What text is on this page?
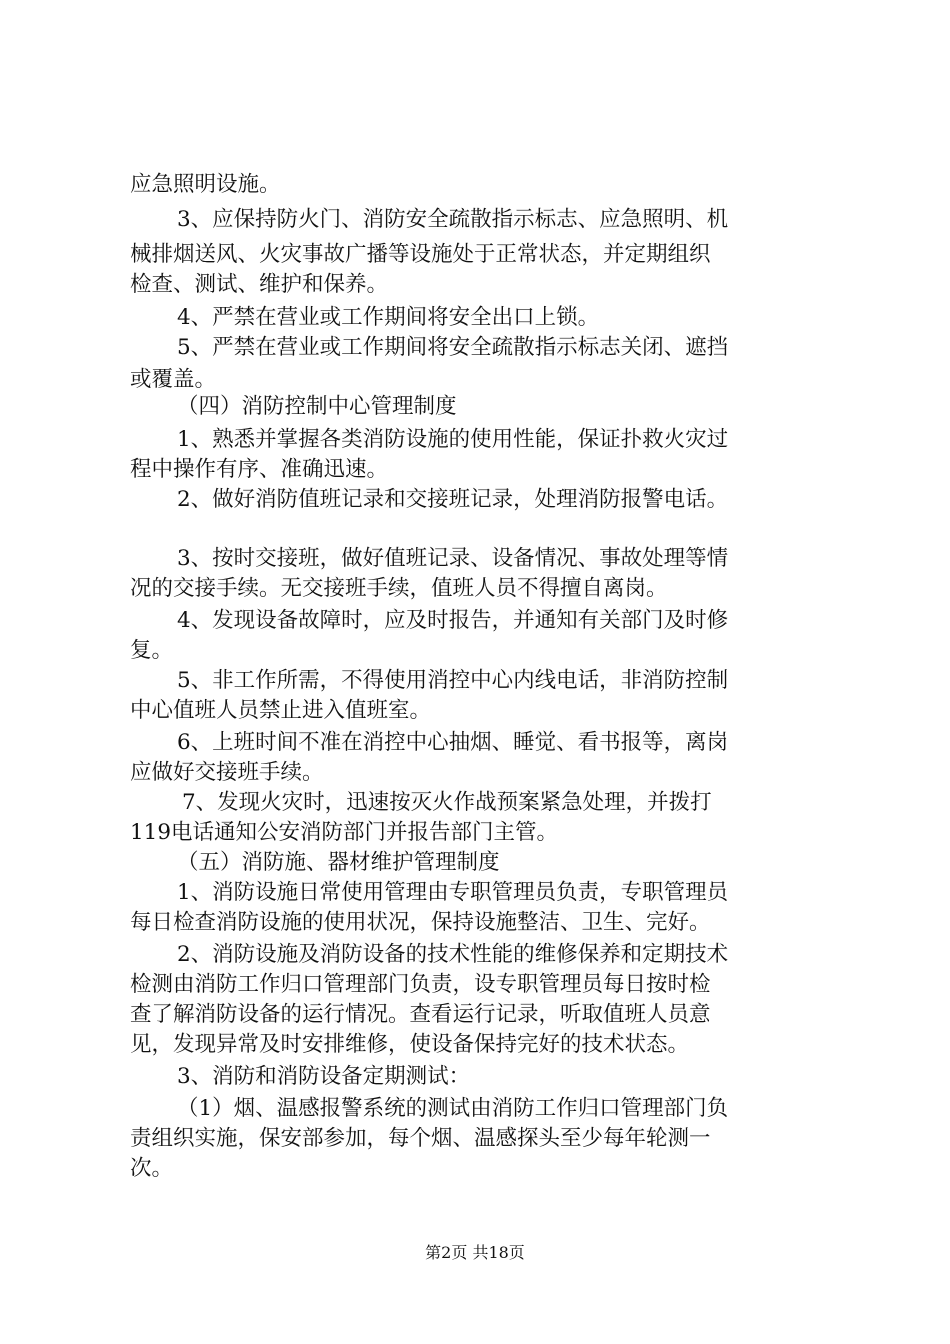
应急照明设施。
3、应保持防火门、消防安全疏散指示标志、应急照明、机
械排烟送风、火灾事故广播等设施处于正常状态，并定期组织
检查、测试、维护和保养。
4、严禁在营业或工作期间将安全出口上锁。
5、严禁在营业或工作期间将安全疏散指示标志关闭、遮挡
或覆盖。
（四）消防控制中心管理制度
1、熟悉并掌握各类消防设施的使用性能，保证扑救火灾过
程中操作有序、准确迅速。
2、做好消防值班记录和交接班记录，处理消防报警电话。
3、按时交接班，做好值班记录、设备情况、事故处理等情
况的交接手续。无交接班手续，值班人员不得擅自离岗。
4、发现设备故障时，应及时报告，并通知有关部门及时修
复。
5、非工作所需，不得使用消控中心内线电话，非消防控制
中心值班人员禁止进入值班室。
6、上班时间不准在消控中心抽烟、睡觉、看书报等，离岗
应做好交接班手续。
7、发现火灾时，迅速按灭火作战预案紧急处理，并拨打
119电话通知公安消防部门并报告部门主管。
（五）消防施、器材维护管理制度
1、消防设施日常使用管理由专职管理员负责，专职管理员
每日检查消防设施的使用状况，保持设施整洁、卫生、完好。
2、消防设施及消防设备的技术性能的维修保养和定期技术
检测由消防工作归口管理部门负责，设专职管理员每日按时检
查了解消防设备的运行情况。查看运行记录，听取值班人员意
见，发现异常及时安排维修，使设备保持完好的技术状态。
3、消防和消防设备定期测试：
（1）烟、温感报警系统的测试由消防工作归口管理部门负
责组织实施，保安部参加，每个烟、温感探头至少每年轮测一
次。
第2页 共18页
